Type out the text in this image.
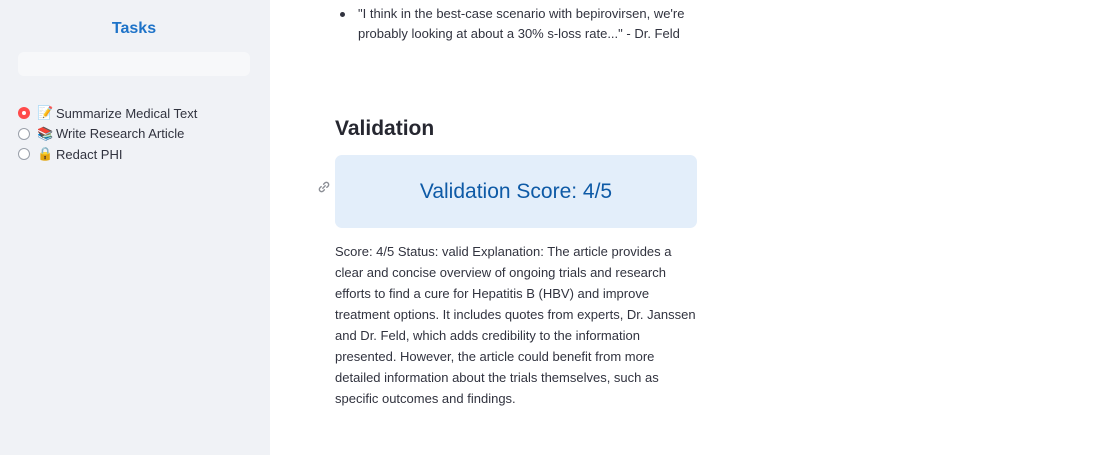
Tasks
📝 Summarize Medical Text
📚 Write Research Article
🔒 Redact PHI
"I think in the best-case scenario with bepirovirsen, we're probably looking at about a 30% s-loss rate..." - Dr. Feld
Validation
Validation Score: 4/5

Score: 4/5 Status: valid Explanation: The article provides a clear and concise overview of ongoing trials and research efforts to find a cure for Hepatitis B (HBV) and improve treatment options. It includes quotes from experts, Dr. Janssen and Dr. Feld, which adds credibility to the information presented. However, the article could benefit from more detailed information about the trials themselves, such as specific outcomes and findings.
